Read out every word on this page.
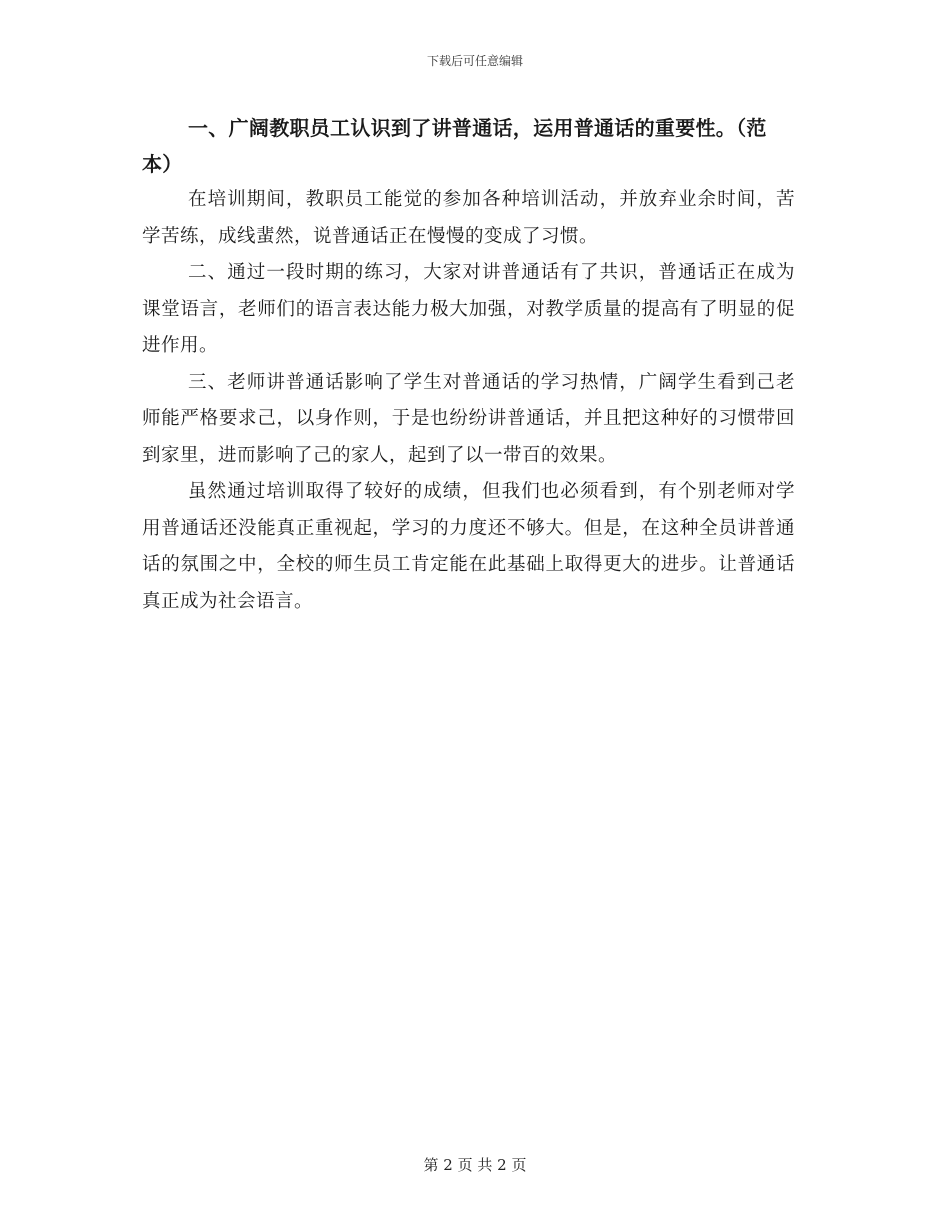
下载后可任意编辑

一、广阔教职员工认识到了讲普通话，运用普通话的重要性。（范本）

在培训期间，教职员工能觉的参加各种培训活动，并放弃业余时间，苦学苦练，成线蜚然，说普通话正在慢慢的变成了习惯。

二、通过一段时期的练习，大家对讲普通话有了共识，普通话正在成为课堂语言，老师们的语言表达能力极大加强，对教学质量的提高有了明显的促进作用。

三、老师讲普通话影响了学生对普通话的学习热情，广阔学生看到己老师能严格要求己，以身作则，于是也纷纷讲普通话，并且把这种好的习惯带回到家里，进而影响了己的家人，起到了以一带百的效果。

虽然通过培训取得了较好的成绩，但我们也必须看到，有个别老师对学用普通话还没能真正重视起，学习的力度还不够大。但是，在这种全员讲普通话的氛围之中，全校的师生员工肯定能在此基础上取得更大的进步。让普通话真正成为社会语言。

第 2 页 共 2 页
